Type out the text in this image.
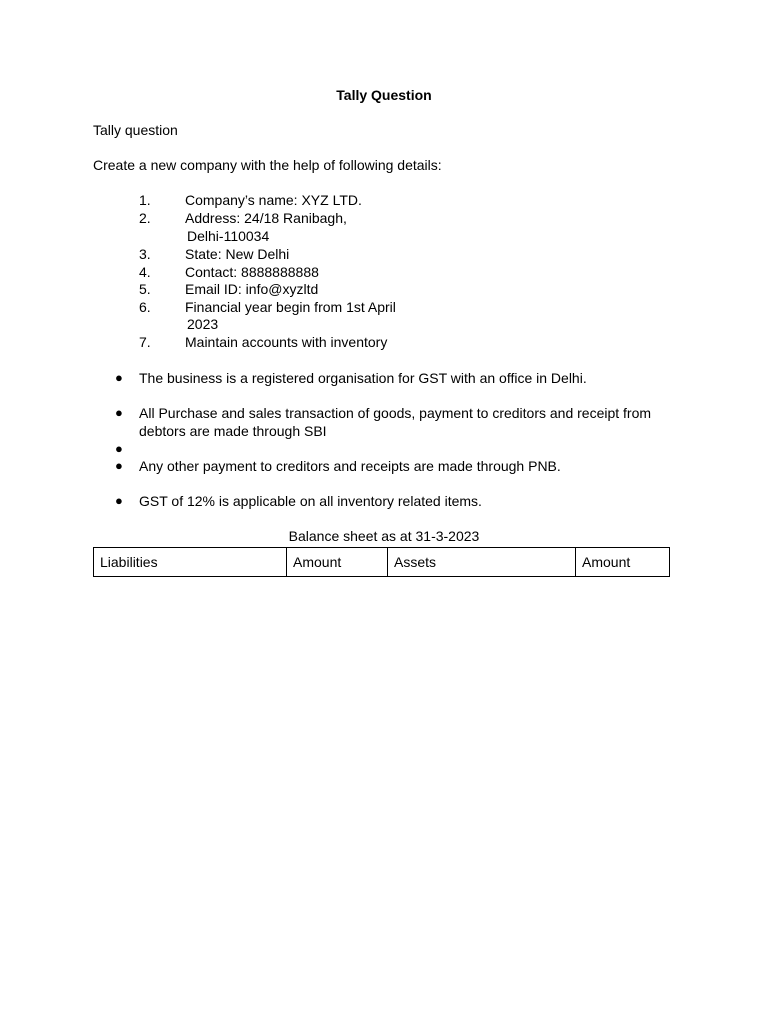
Tally Question
Tally question
Create a new company with the help of following details:
1. Company’s name: XYZ LTD.
2. Address: 24/18 Ranibagh,
Delhi-110034
3. State: New Delhi
4. Contact: 8888888888
5. Email ID: info@xyzltd
6. Financial year begin from 1st April
2023
7. Maintain accounts with inventory
● The business is a registered organisation for GST with an office in Delhi.
● All Purchase and sales transaction of goods, payment to creditors and receipt from
debtors are made through SBI
●
● Any other payment to creditors and receipts are made through PNB.
● GST of 12% is applicable on all inventory related items.
Balance sheet as at 31-3-2023
Liabilities	Amount	Assets	Amount
